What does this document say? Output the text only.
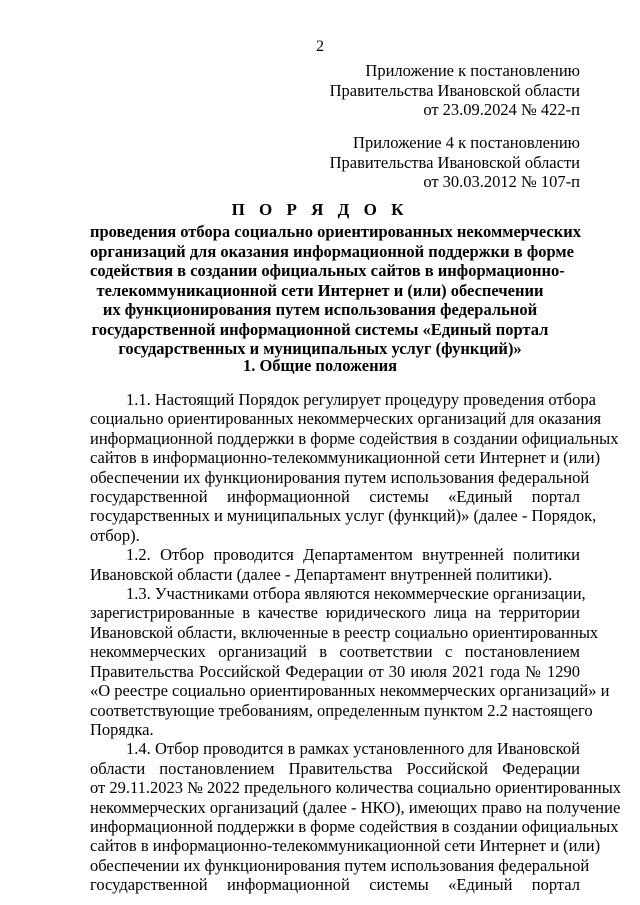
2
Приложение к постановлению
Правительства Ивановской области
от 23.09.2024 № 422-п
Приложение 4 к постановлению
Правительства Ивановской области
от 30.03.2012 № 107-п
П О Р Я Д О К
проведения отбора социально ориентированных некоммерческих
организаций для оказания информационной поддержки в форме
содействия в создании официальных сайтов в информационно-
телекоммуникационной сети Интернет и (или) обеспечении
их функционирования путем использования федеральной
государственной информационной системы «Единый портал
государственных и муниципальных услуг (функций)»
1. Общие положения
1.1. Настоящий Порядок регулирует процедуру проведения отбора
социально ориентированных некоммерческих организаций для оказания
информационной поддержки в форме содействия в создании официальных
сайтов в информационно-телекоммуникационной сети Интернет и (или)
обеспечении их функционирования путем использования федеральной
государственной информационной системы «Единый портал
государственных и муниципальных услуг (функций)» (далее - Порядок,
отбор).
1.2. Отбор проводится Департаментом внутренней политики
Ивановской области (далее - Департамент внутренней политики).
1.3. Участниками отбора являются некоммерческие организации,
зарегистрированные в качестве юридического лица на территории
Ивановской области, включенные в реестр социально ориентированных
некоммерческих организаций в соответствии с постановлением
Правительства Российской Федерации от 30 июля 2021 года № 1290
«О реестре социально ориентированных некоммерческих организаций» и
соответствующие требованиям, определенным пунктом 2.2 настоящего
Порядка.
1.4. Отбор проводится в рамках установленного для Ивановской
области постановлением Правительства Российской Федерации
от 29.11.2023 № 2022 предельного количества социально ориентированных
некоммерческих организаций (далее - НКО), имеющих право на получение
информационной поддержки в форме содействия в создании официальных
сайтов в информационно-телекоммуникационной сети Интернет и (или)
обеспечении их функционирования путем использования федеральной
государственной информационной системы «Единый портал
